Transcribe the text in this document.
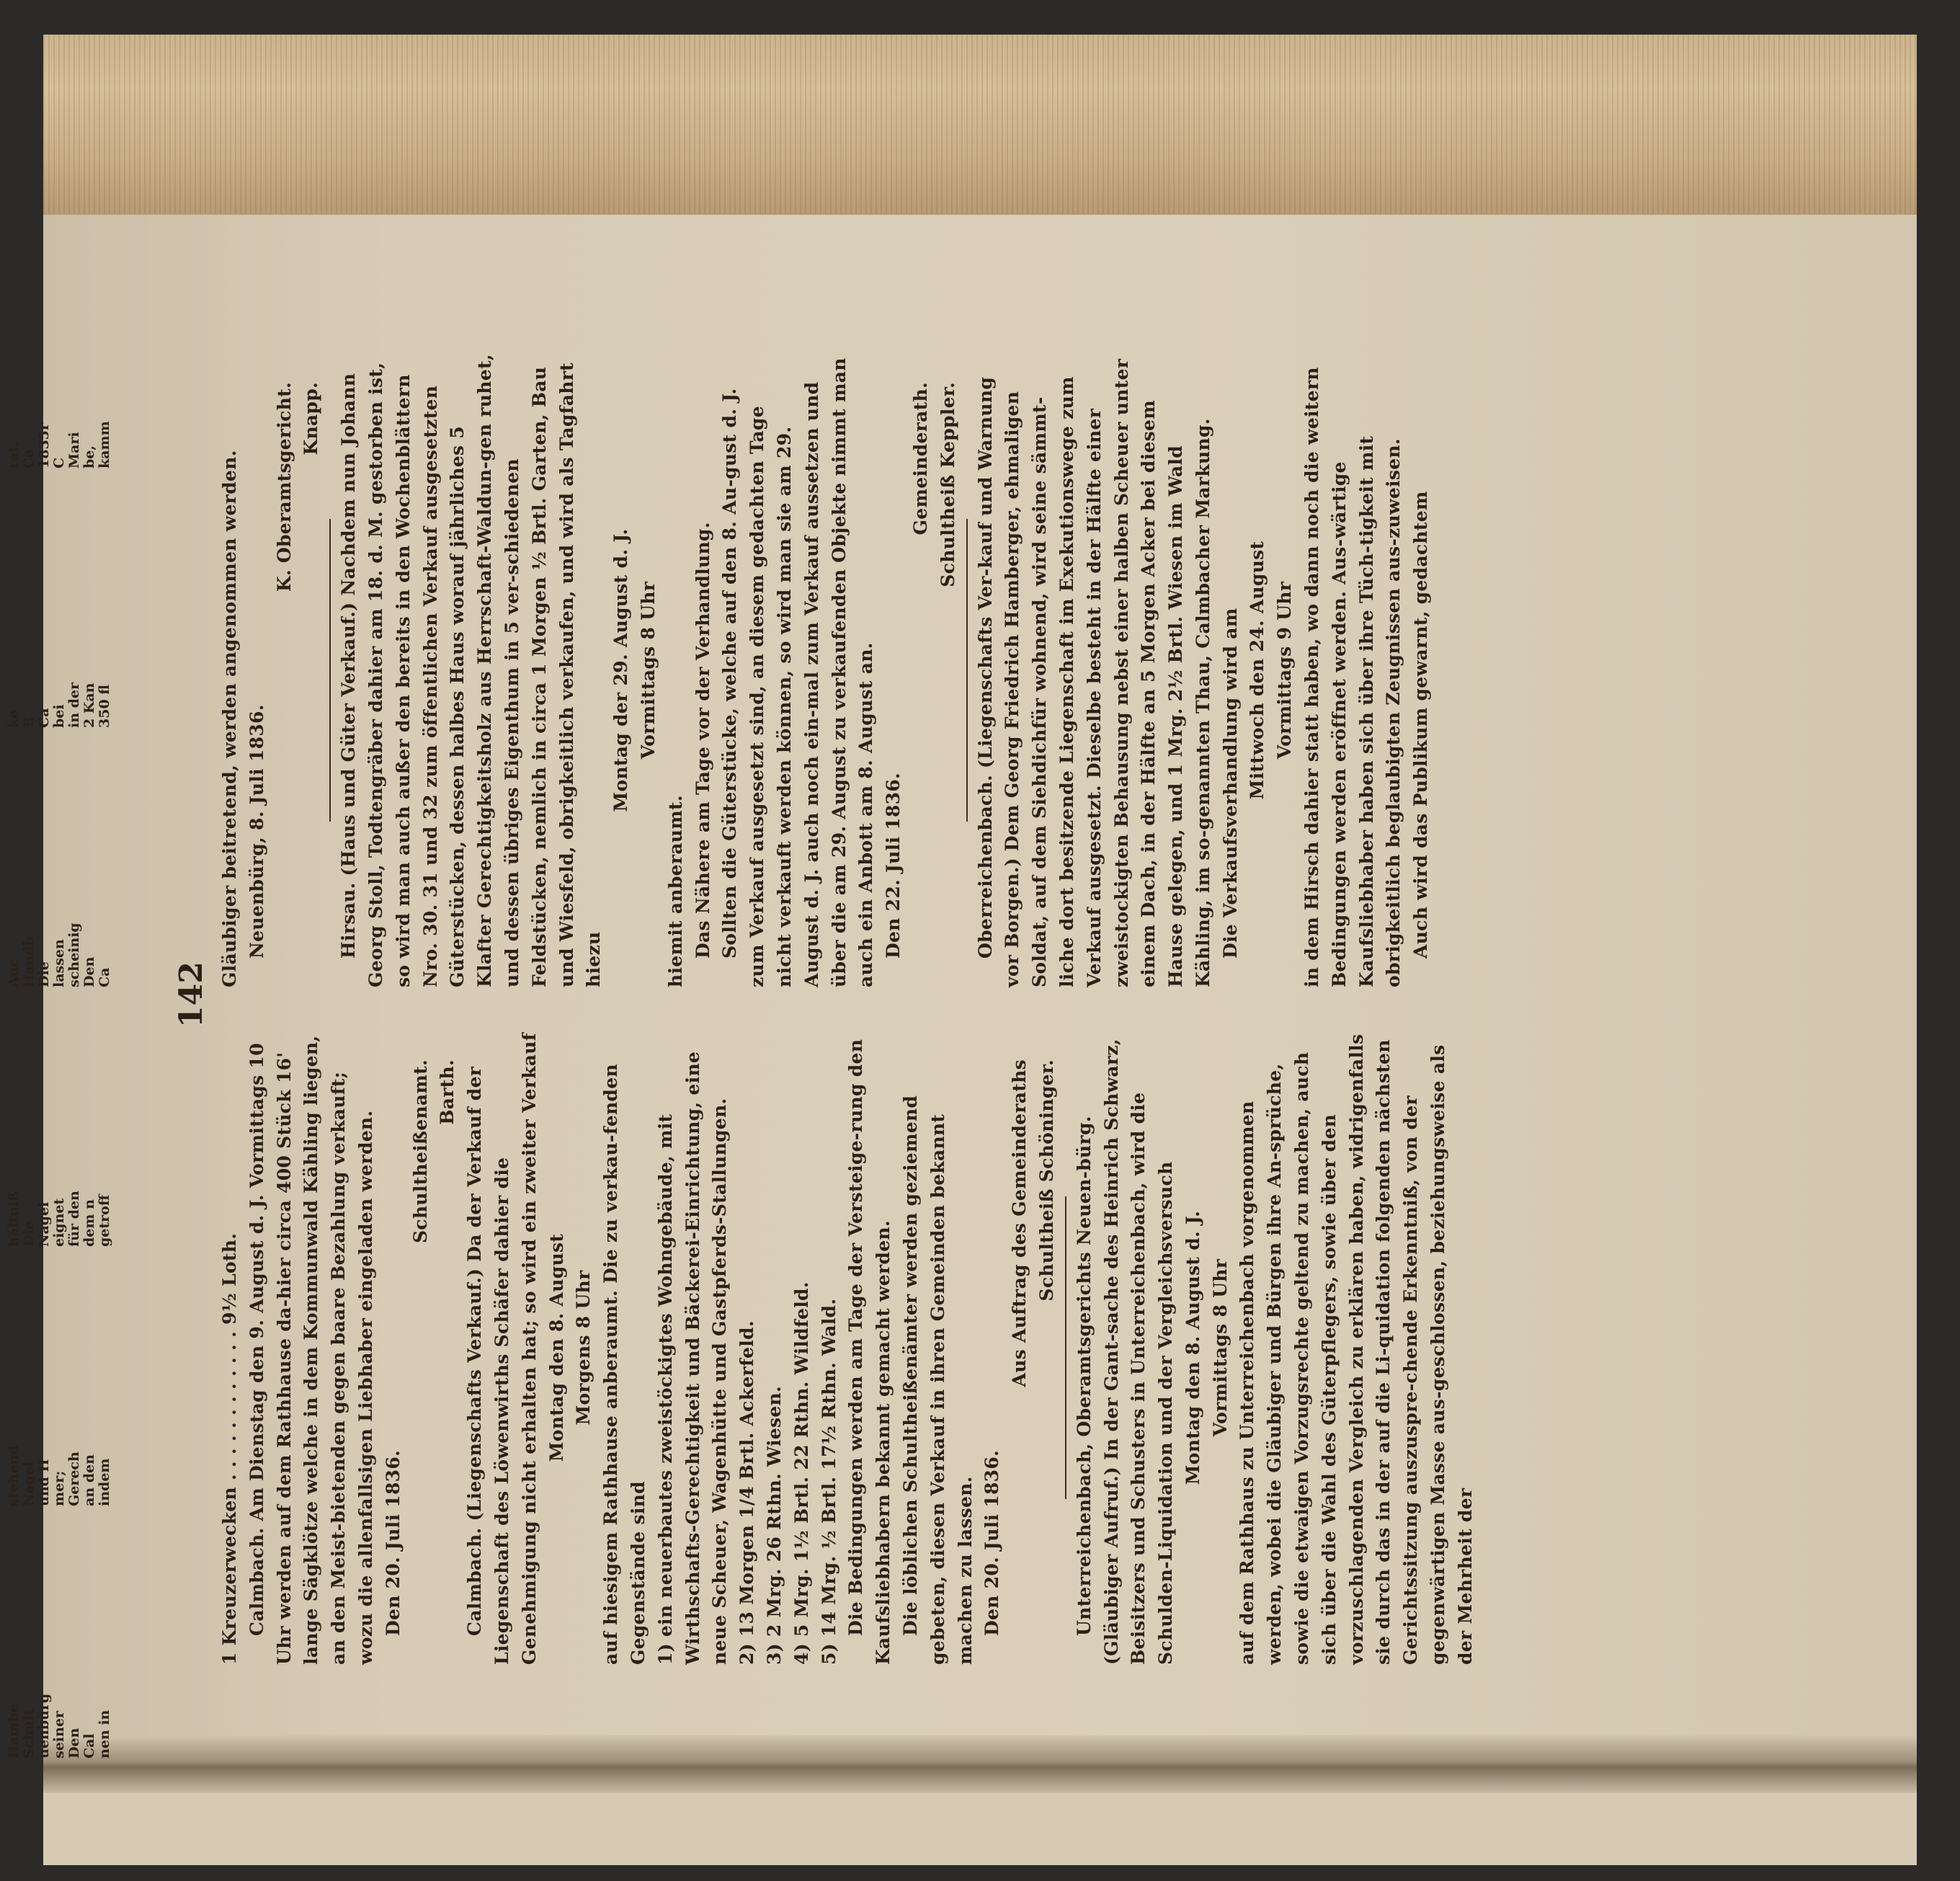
142

1 Kreuzerwecken . . . . . . . . . . . . 9½ Loth. Calmbach. Am Dienstag den 9. August d. J. Vormittags 10 Uhr werden auf dem Rathhause da-hier circa 400 Stück 16' lange Sägklötze welche in dem Kommunwald Kähling liegen, an den Meist-bietenden gegen baare Bezahlung verkauft; wozu die allenfallsigen Liebhaber eingeladen werden. Den 20. Juli 1836.

Schultheißenamt. Barth. Calmbach. (Liegenschafts Verkauf.) Da der Verkauf der Liegenschaft des Löwenwirths Schäfer dahier die Genehmigung nicht erhalten hat; so wird ein zweiter Verkauf Montag den 8. August Morgens 8 Uhr auf hiesigem Rathhause anberaumt. Die zu verkau-fenden Gegenstände sind 1) ein neuerbautes zweistöckigtes Wohngebäude, mit Wirthschafts-Gerechtigkeit und Bäckerei-Einrichtung, eine neue Scheuer, Wagenhütte und Gastpferds-Stallungen. 2) 13 Morgen 1/4 Brtl. Ackerfeld. 3) 2 Mrg. 26 Rthn. Wiesen. 4) 5 Mrg. 1½ Brtl. 22 Rthn. Wildfeld. 5) 14 Mrg. ½ Brtl. 17½ Rthn. Wald. Die Bedingungen werden am Tage der Versteige-rung den Kaufsliebhabern bekannt gemacht werden. Die löblichen Schultheißenämter werden geziemend gebeten, diesen Verkauf in ihren Gemeinden bekannt machen zu lassen. Den 20. Juli 1836.

Aus Auftrag des Gemeinderaths Schultheiß Schöninger. Unterreichenbach, Oberamtsgerichts Neuen-bürg. (Gläubiger Aufruf.) In der Gant-sache des Heinrich Schwarz, Beisitzers und Schusters in Unterreichenbach, wird die Schulden-Liquidation und der Vergleichsversuch Montag den 8. August d. J. Vormittags 8 Uhr auf dem Rathhaus zu Unterreichenbach vorgenommen werden, wobei die Gläubiger und Bürgen ihre An-sprüche, sowie die etwaigen Vorzugsrechte geltend zu machen, auch sich über die Wahl des Güterpflegers, sowie über den vorzuschlagenden Vergleich zu erklären haben, widrigenfalls sie durch das in der auf die Li-quidation folgenden nächsten Gerichtssitzung auszuspre-chende Erkenntniß, von der gegenwärtigen Masse aus-geschlossen, beziehungsweise als der Mehrheit der

Gläubiger beitretend, werden angenommen werden. Neuenbürg, 8. Juli 1836.

K. Oberamtsgericht. Knapp. Hirsau. (Haus und Güter Verkauf.) Nachdem nun Johann Georg Stoll, Todtengräber dahier am 18. d. M. gestorben ist, so wird man auch außer den bereits in den Wochenblättern Nro. 30. 31 und 32 zum öffentlichen Verkauf ausgesetzten Güterstücken, dessen halbes Haus worauf jährliches 5 Klafter Gerechtigkeitsholz aus Herrschaft-Waldun-gen ruhet, und dessen übriges Eigenthum in 5 ver-schiedenen Feldstücken, nemlich in circa 1 Morgen ½ Brtl. Garten, Bau und Wiesfeld, obrigkeitlich verkaufen, und wird als Tagfahrt hiezu

Montag der 29. August d. J. Vormittags 8 Uhr

hiemit anberaumt. Das Nähere am Tage vor der Verhandlung. Sollten die Güterstücke, welche auf den 8. Au-gust d. J. zum Verkauf ausgesetzt sind, an diesem gedachten Tage nicht verkauft werden können, so wird man sie am 29. August d. J. auch noch ein-mal zum Verkauf aussetzen und über die am 29. August zu verkaufenden Objekte nimmt man auch ein Anbott am 8. August an. Den 22. Juli 1836.

Gemeinderath. Schultheiß Keppler. Oberreichenbach. (Liegenschafts Ver-kauf und Warnung vor Borgen.) Dem Georg Friedrich Hamberger, ehmaligen Soldat, auf dem Siehdichfür wohnend, wird seine sämmt-liche dort besitzende Liegenschaft im Exekutionswege zum Verkauf ausgesetzt. Dieselbe besteht in der Hälfte einer zweistockigten Behausung nebst einer halben Scheuer unter einem Dach, in der Hälfte an 5 Morgen Acker bei diesem Hause gelegen, und 1 Mrg. 2½ Brtl. Wiesen im Wald Kähling, im so-genannten Thau, Calmbacher Markung. Die Verkaufsverhandlung wird am Mittwoch den 24. August Vormittags 9 Uhr in dem Hirsch dahier statt haben, wo dann noch die weitern Bedingungen werden eröffnet werden. Aus-wärtige Kaufsliebhaber haben sich über ihre Tüch-tigkeit mit obrigkeitlich beglaubigten Zeugnissen aus-zuweisen. Auch wird das Publikum gewarnt, gedachtem

Hambe Schult uenbürg seiner Den Cal nen in
stehend Nagel und H mer; Gerech an den indem
hältniß Die Nagel eignet für den dem n getroff
Auc Handb Die lassen scheinig Den Ca
ke B Ca bei in der 2 Kan 350 fl
rat. Ca 1835r C Mari be, kamm
